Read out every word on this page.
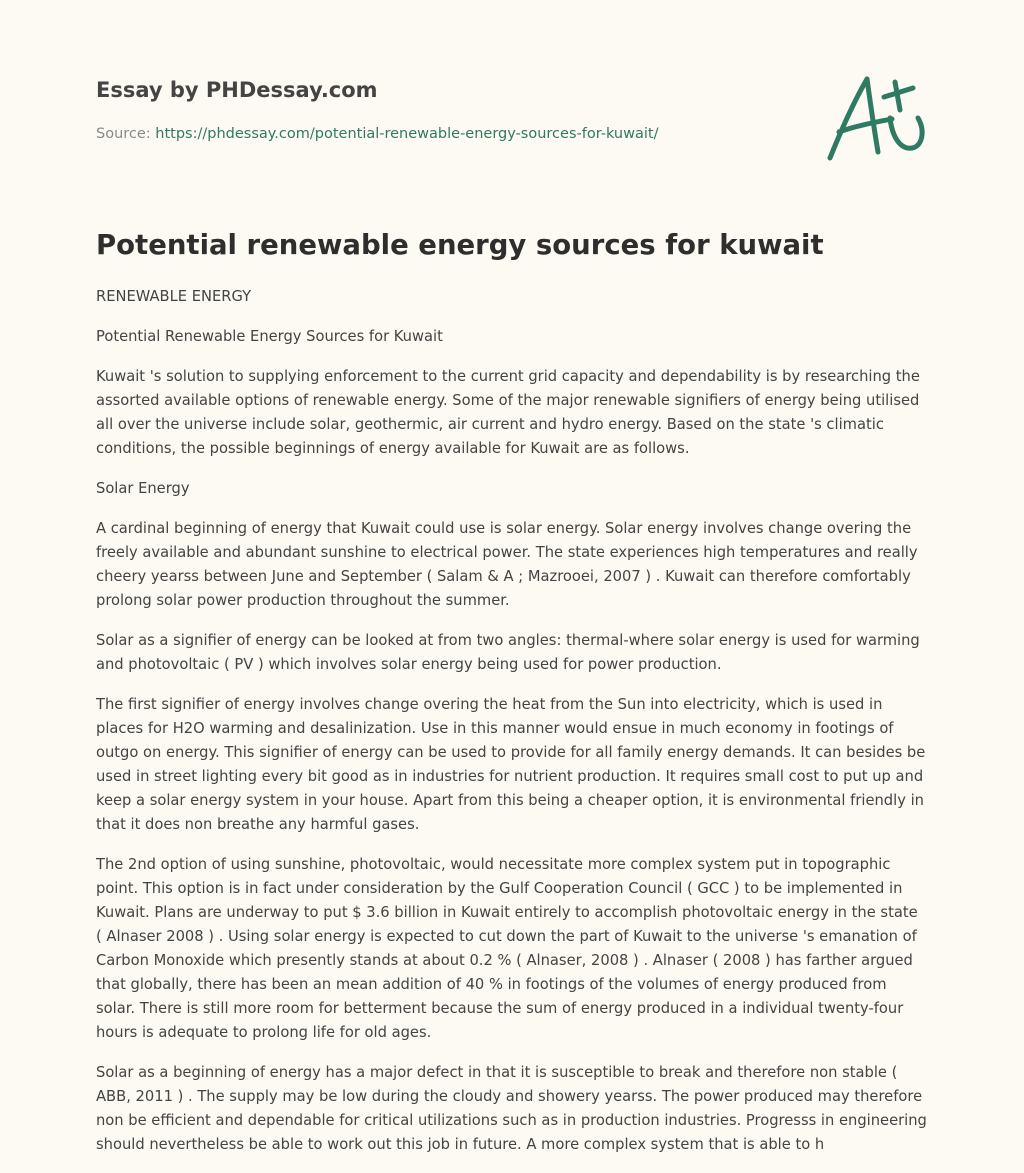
Essay by PHDessay.com
Source: https://phdessay.com/potential-renewable-energy-sources-for-kuwait/
Potential renewable energy sources for kuwait

RENEWABLE ENERGY

Potential Renewable Energy Sources for Kuwait

Kuwait 's solution to supplying enforcement to the current grid capacity and dependability is by researching the assorted available options of renewable energy. Some of the major renewable signifiers of energy being utilised all over the universe include solar, geothermic, air current and hydro energy. Based on the state 's climatic conditions, the possible beginnings of energy available for Kuwait are as follows.

Solar Energy

A cardinal beginning of energy that Kuwait could use is solar energy. Solar energy involves change overing the freely available and abundant sunshine to electrical power. The state experiences high temperatures and really cheery yearss between June and September ( Salam & A ; Mazrooei, 2007 ) . Kuwait can therefore comfortably prolong solar power production throughout the summer.

Solar as a signifier of energy can be looked at from two angles: thermal-where solar energy is used for warming and photovoltaic ( PV ) which involves solar energy being used for power production.

The first signifier of energy involves change overing the heat from the Sun into electricity, which is used in places for H2O warming and desalinization. Use in this manner would ensue in much economy in footings of outgo on energy. This signifier of energy can be used to provide for all family energy demands. It can besides be used in street lighting every bit good as in industries for nutrient production. It requires small cost to put up and keep a solar energy system in your house. Apart from this being a cheaper option, it is environmental friendly in that it does non breathe any harmful gases.

The 2nd option of using sunshine, photovoltaic, would necessitate more complex system put in topographic point. This option is in fact under consideration by the Gulf Cooperation Council ( GCC ) to be implemented in Kuwait. Plans are underway to put $ 3.6 billion in Kuwait entirely to accomplish photovoltaic energy in the state ( Alnaser 2008 ) . Using solar energy is expected to cut down the part of Kuwait to the universe 's emanation of Carbon Monoxide which presently stands at about 0.2 % ( Alnaser, 2008 ) . Alnaser ( 2008 ) has farther argued that globally, there has been an mean addition of 40 % in footings of the volumes of energy produced from solar. There is still more room for betterment because the sum of energy produced in a individual twenty-four hours is adequate to prolong life for old ages.

Solar as a beginning of energy has a major defect in that it is susceptible to break and therefore non stable ( ABB, 2011 ) . The supply may be low during the cloudy and showery yearss. The power produced may therefore non be efficient and dependable for critical utilizations such as in production industries. Progresss in engineering should nevertheless be able to work out this job in future. A more complex system that is able to h
